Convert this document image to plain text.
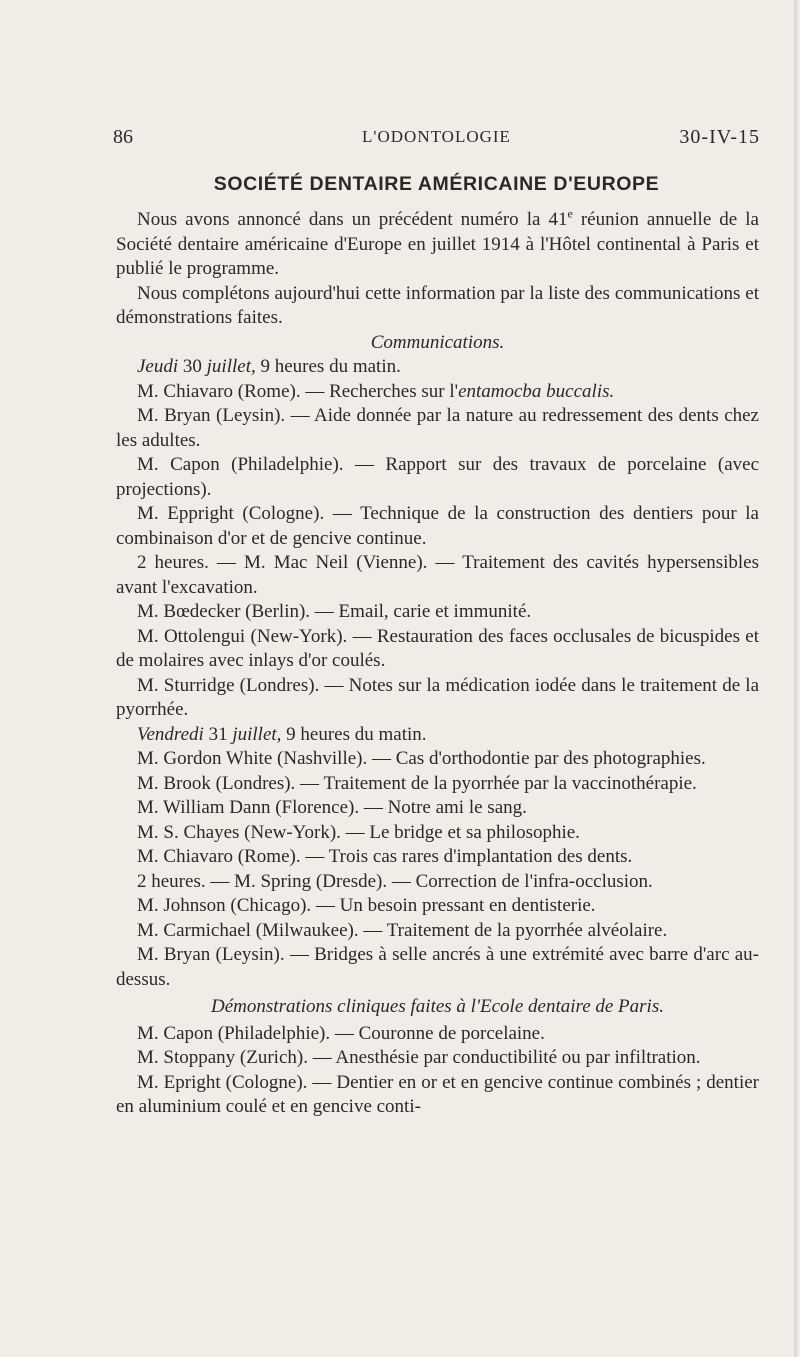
86	L'ODONTOLOGIE	30-IV-15
SOCIÉTÉ DENTAIRE AMÉRICAINE D'EUROPE

Nous avons annoncé dans un précédent numéro la 41e réunion annuelle de la Société dentaire américaine d'Europe en juillet 1914 à l'Hôtel continental à Paris et publié le programme.

Nous complétons aujourd'hui cette information par la liste des communications et démonstrations faites.

Communications.

Jeudi 30 juillet, 9 heures du matin.

M. Chiavaro (Rome). — Recherches sur l'entamocba buccalis.

M. Bryan (Leysin). — Aide donnée par la nature au redressement des dents chez les adultes.

M. Capon (Philadelphie). — Rapport sur des travaux de porcelaine (avec projections).

M. Eppright (Cologne). — Technique de la construction des dentiers pour la combinaison d'or et de gencive continue.

2 heures. — M. Mac Neil (Vienne). — Traitement des cavités hypersensibles avant l'excavation.

M. Bœdecker (Berlin). — Email, carie et immunité.

M. Ottolengui (New-York). — Restauration des faces occlusales de bicuspides et de molaires avec inlays d'or coulés.

M. Sturridge (Londres). — Notes sur la médication iodée dans le traitement de la pyorrhée.

Vendredi 31 juillet, 9 heures du matin.

M. Gordon White (Nashville). — Cas d'orthodontie par des photographies.

M. Brook (Londres). — Traitement de la pyorrhée par la vaccinothérapie.

M. William Dann (Florence). — Notre ami le sang.

M. S. Chayes (New-York). — Le bridge et sa philosophie.

M. Chiavaro (Rome). — Trois cas rares d'implantation des dents.

2 heures. — M. Spring (Dresde). — Correction de l'infra-occlusion.

M. Johnson (Chicago). — Un besoin pressant en dentisterie.

M. Carmichael (Milwaukee). — Traitement de la pyorrhée alvéolaire.

M. Bryan (Leysin). — Bridges à selle ancrés à une extrémité avec barre d'arc au-dessus.

Démonstrations cliniques faites à l'Ecole dentaire de Paris.

M. Capon (Philadelphie). — Couronne de porcelaine.

M. Stoppany (Zurich). — Anesthésie par conductibilité ou par infiltration.

M. Epright (Cologne). — Dentier en or et en gencive continue combinés ; dentier en aluminium coulé et en gencive conti-
